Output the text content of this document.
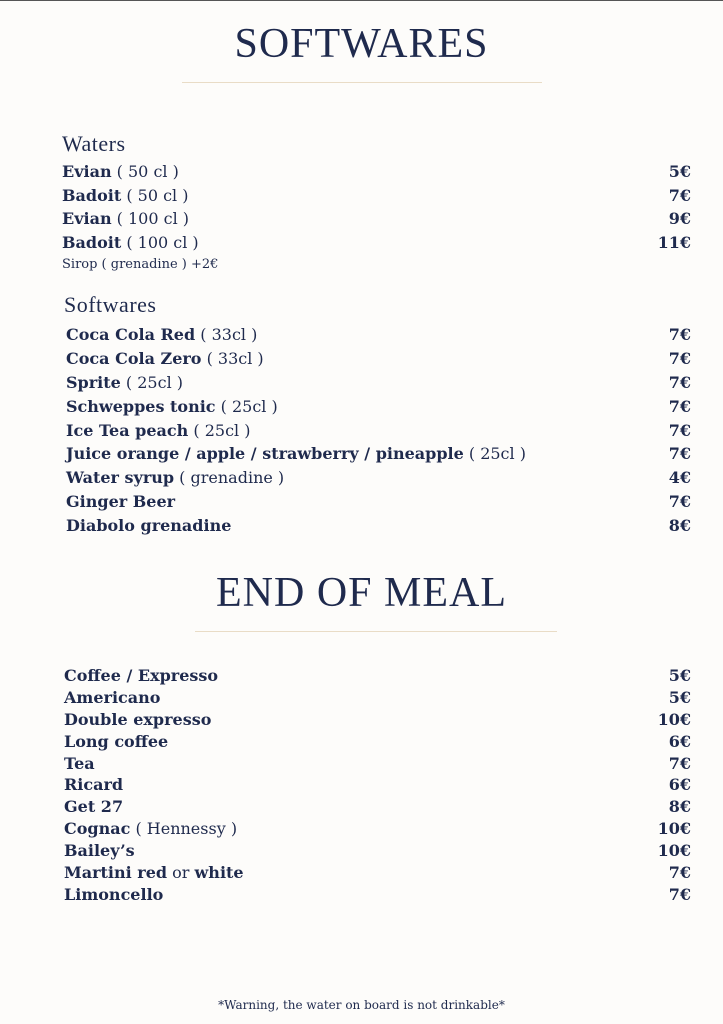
SOFTWARES
Waters
Evian ( 50 cl )	5€
Badoit ( 50 cl )	7€
Evian ( 100 cl )	9€
Badoit ( 100 cl )	11€
Sirop ( grenadine ) +2€
Softwares
Coca Cola Red ( 33cl )	7€
Coca Cola Zero ( 33cl )	7€
Sprite ( 25cl )	7€
Schweppes tonic ( 25cl )	7€
Ice Tea peach ( 25cl )	7€
Juice orange / apple / strawberry / pineapple ( 25cl )	7€
Water syrup ( grenadine )	4€
Ginger Beer	7€
Diabolo grenadine	8€
END OF MEAL
Coffee / Expresso	5€
Americano	5€
Double expresso	10€
Long coffee	6€
Tea	7€
Ricard	6€
Get 27	8€
Cognac ( Hennessy )	10€
Bailey’s	10€
Martini red or white	7€
Limoncello	7€
*Warning, the water on board is not drinkable*
